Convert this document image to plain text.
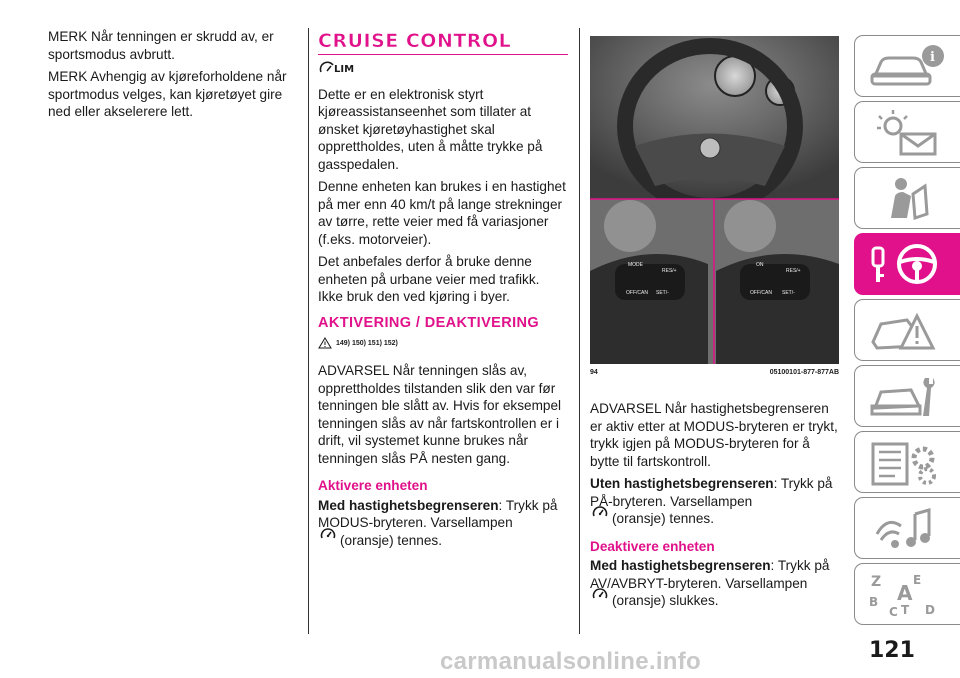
MERK Når tenningen er skrudd av, er sportsmodus avbrutt.

MERK Avhengig av kjøreforholdene når sportmodus velges, kan kjøretøyet gire ned eller akselerere lett.

CRUISE CONTROL
LIM

Dette er en elektronisk styrt kjøreassistanseenhet som tillater at ønsket kjøretøyhastighet skal opprettholdes, uten å måtte trykke på gasspedalen.

Denne enheten kan brukes i en hastighet på mer enn 40 km/t på lange strekninger av tørre, rette veier med få variasjoner (f.eks. motorveier).

Det anbefales derfor å bruke denne enheten på urbane veier med trafikk. Ikke bruk den ved kjøring i byer.

AKTIVERING / DEAKTIVERING
149) 150) 151) 152)

ADVARSEL Når tenningen slås av, opprettholdes tilstanden slik den var før tenningen ble slått av. Hvis for eksempel tenningen slås av når fartskontrollen er i drift, vil systemet kunne brukes når tenningen slås PÅ nesten gang.

Aktivere enheten

Med hastighetsbegrenseren: Trykk på MODUS-bryteren. Varsellampen

(oransje) tennes.

MODE
RES/+
OFF/CAN SET/-
ON
RES/+
OFF/CAN SET/-
94	05100101-877-877AB

ADVARSEL Når hastighetsbegrenseren er aktiv etter at MODUS-bryteren er trykt, trykk igjen på MODUS-bryteren for å bytte til fartskontroll.

Uten hastighetsbegrenseren: Trykk på PÅ-bryteren. Varsellampen

(oransje) tennes.

Deaktivere enheten

Med hastighetsbegrenseren: Trykk på AV/AVBRYT-bryteren. Varsellampen

(oransje) slukkes.

i
Z	E
B
C T D
A
121
carmanualsonline.info
